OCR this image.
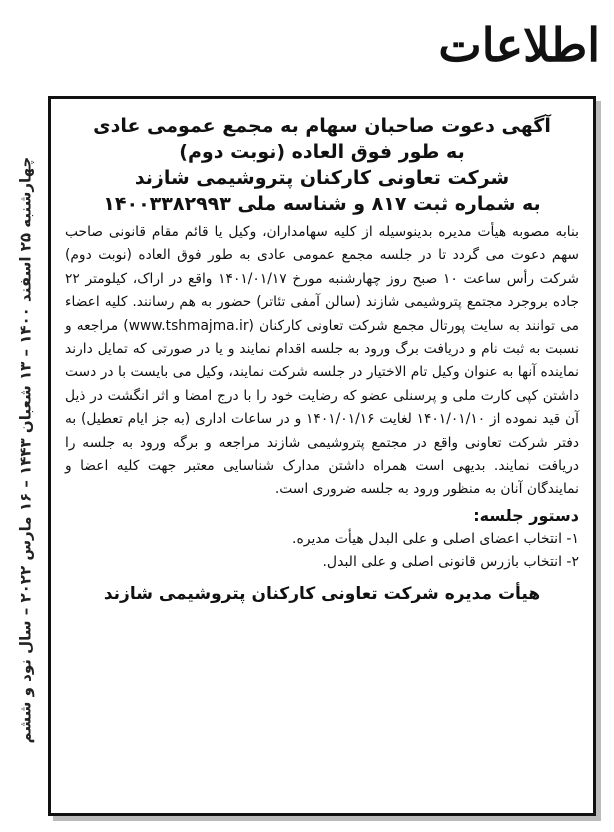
اطلاعات
چهارشنبه ۲۵ اسفند ۱۴۰۰ – ۱۳ شعبان ۱۴۴۳ – ۱۶ مارس ۲۰۲۲ – سال نود و ششم

آگهی دعوت صاحبان سهام به مجمع عمومی عادی

به طور فوق العاده (نوبت دوم)

شرکت تعاونی کارکنان پتروشیمی شازند

به شماره ثبت ۸۱۷ و شناسه ملی ۱۴۰۰۳۳۸۲۹۹۳

بنابه مصوبه هیأت مدیره بدینوسیله از کلیه سهامداران، وکیل یا قائم مقام قانونی صاحب سهم دعوت می گردد تا در جلسه مجمع عمومی عادی به طور فوق العاده (نوبت دوم) شرکت رأس ساعت ۱۰ صبح روز چهارشنبه مورخ ۱۴۰۱/۰۱/۱۷ واقع در اراک، کیلومتر ۲۲ جاده بروجرد مجتمع پتروشیمی شازند (سالن آمفی تئاتر) حضور به هم رسانند. کلیه اعضاء می توانند به سایت پورتال مجمع شرکت تعاونی کارکنان (www.tshmajma.ir) مراجعه و نسبت به ثبت نام و دریافت برگ ورود به جلسه اقدام نمایند و یا در صورتی که تمایل دارند نماینده آنها به عنوان وکیل تام الاختیار در جلسه شرکت نمایند، وکیل می بایست با در دست داشتن کپی کارت ملی و پرسنلی عضو که رضایت خود را با درج امضا و اثر انگشت در ذیل آن قید نموده از ۱۴۰۱/۰۱/۱۰ لغایت ۱۴۰۱/۰۱/۱۶ و در ساعات اداری (به جز ایام تعطیل) به دفتر شرکت تعاونی واقع در مجتمع پتروشیمی شازند مراجعه و برگه ورود به جلسه را دریافت نمایند. بدیهی است همراه داشتن مدارک شناسایی معتبر جهت کلیه اعضا و نمایندگان آنان به منظور ورود به جلسه ضروری است.
دستور جلسه:
۱- انتخاب اعضای اصلی و علی البدل هیأت مدیره.
۲- انتخاب بازرس قانونی اصلی و علی البدل.
هیأت مدیره شرکت تعاونی کارکنان پتروشیمی شازند
